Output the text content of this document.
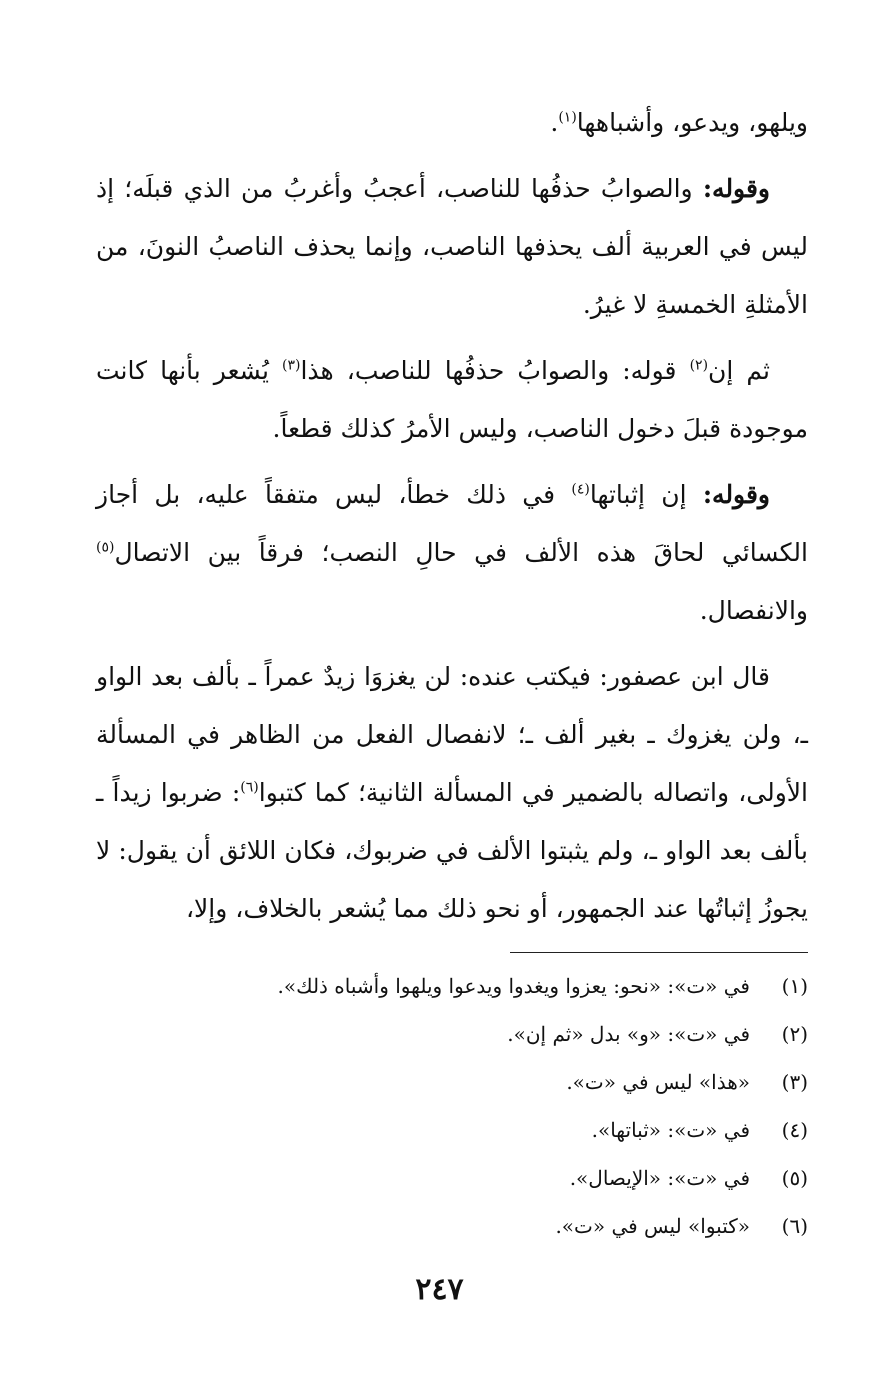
ويلهو، ويدعو، وأشباهها$^{(١)}$.

وقوله: والصوابُ حذفُها للناصب، أعجبُ وأغربُ من الذي قبلَه؛ إذ ليس في العربية ألف يحذفها الناصب، وإنما يحذف الناصبُ النونَ، من الأمثلةِ الخمسةِ لا غيرُ.

ثم إن$^{(٢)}$ قوله: والصوابُ حذفُها للناصب، هذا$^{(٣)}$ يُشعر بأنها كانت موجودة قبلَ دخول الناصب، وليس الأمرُ كذلك قطعاً.

وقوله: إن إثباتها$^{(٤)}$ في ذلك خطأ، ليس متفقاً عليه، بل أجاز الكسائي لحاقَ هذه الألف في حالِ النصب؛ فرقاً بين الاتصال$^{(٥)}$ والانفصال.

قال ابن عصفور: فيكتب عنده: لن يغزوَا زيدٌ عمراً ـ بألف بعد الواو ـ، ولن يغزوك ـ بغير ألف ـ؛ لانفصال الفعل من الظاهر في المسألة الأولى، واتصاله بالضمير في المسألة الثانية؛ كما كتبوا$^{(٦)}$: ضربوا زيداً ـ بألف بعد الواو ـ، ولم يثبتوا الألف في ضربوك، فكان اللائق أن يقول: لا يجوزُ إثباتُها عند الجمهور، أو نحو ذلك مما يُشعر بالخلاف، وإلا،

(١)
في «ت»: «نحو: يعزوا ويغدوا ويدعوا ويلهوا وأشباه ذلك».
(٢)
في «ت»: «و» بدل «ثم إن».
(٣)
«هذا» ليس في «ت».
(٤)
في «ت»: «ثباتها».
(٥)
في «ت»: «الإيصال».
(٦)
«كتبوا» ليس في «ت».
٢٤٧
